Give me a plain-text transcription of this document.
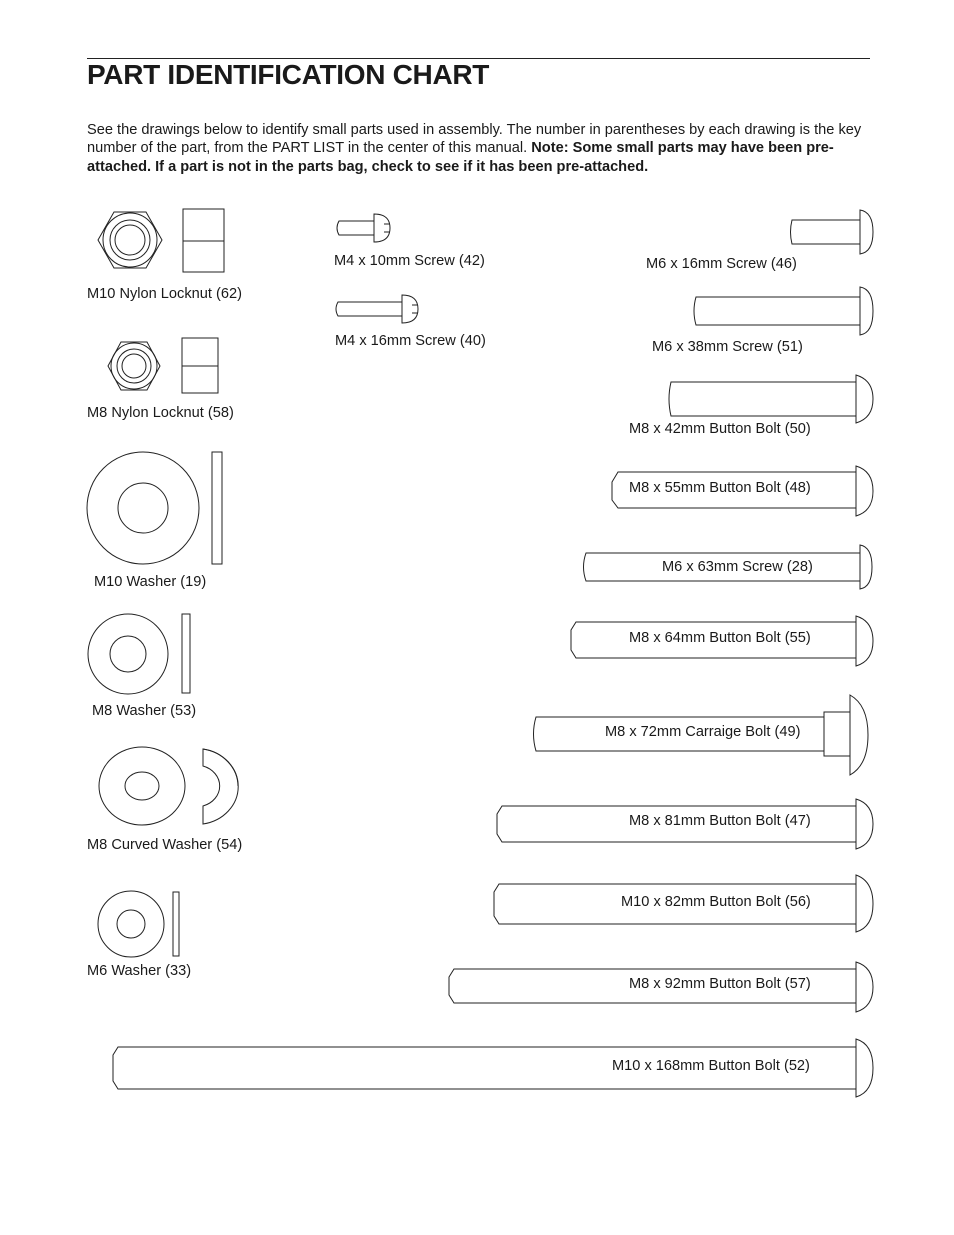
PART IDENTIFICATION CHART

See the drawings below to identify small parts used in assembly. The number in parentheses by each drawing is the key number of the part, from the PART LIST in the center of this manual. Note: Some small parts may have been pre-attached. If a part is not in the parts bag, check to see if it has been pre-attached.

M10 Nylon Locknut (62)
M8 Nylon Locknut (58)
M10 Washer (19)
M8 Washer (53)
M8 Curved Washer (54)
M6 Washer (33)
M4 x 10mm Screw (42)
M4 x 16mm Screw (40)
M6 x 16mm Screw (46)
M6 x 38mm Screw (51)
M8 x 42mm Button Bolt (50)
M8 x 55mm Button Bolt (48)
M6 x 63mm Screw (28)
M8 x 64mm Button Bolt (55)
M8 x 72mm Carraige Bolt (49)
M8 x 81mm Button Bolt (47)
M10 x 82mm Button Bolt (56)
M8 x 92mm Button Bolt (57)
M10 x 168mm Button Bolt (52)
